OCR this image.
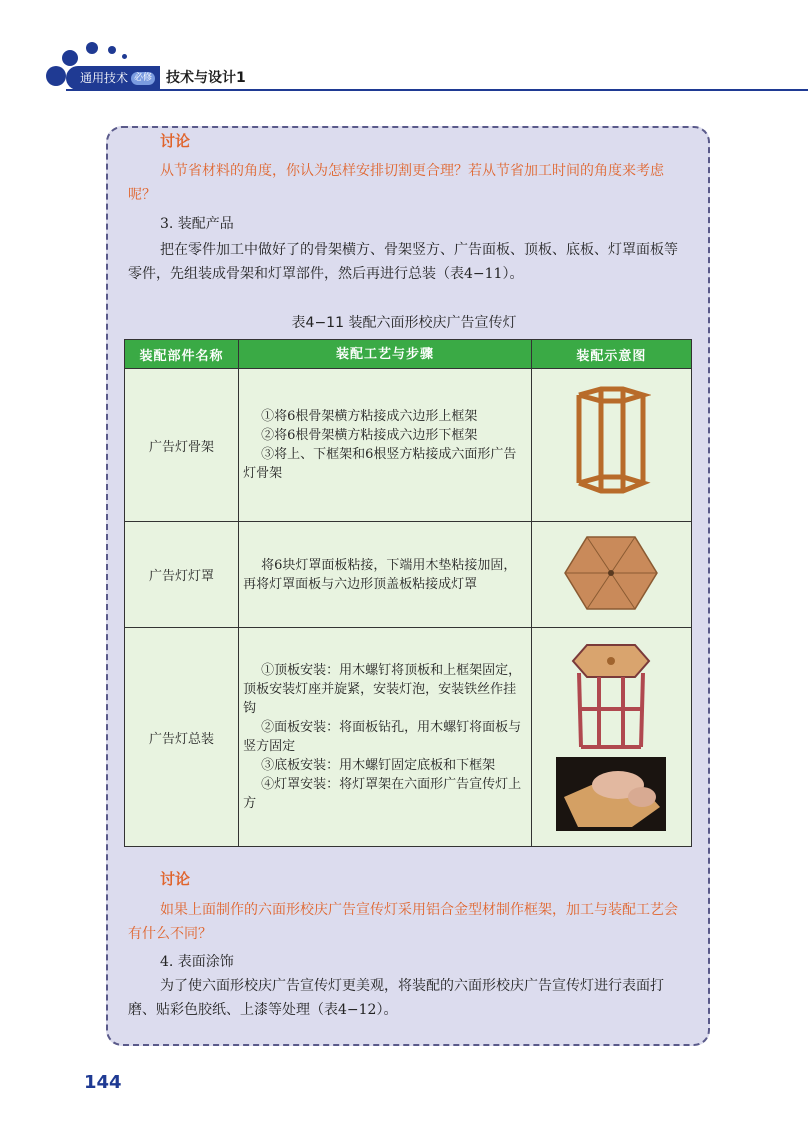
通用技术 必修 技术与设计1
讨论
从节省材料的角度，你认为怎样安排切割更合理？若从节省加工时间的角度来考虑呢？
3. 装配产品
把在零件加工中做好了的骨架横方、骨架竖方、广告面板、顶板、底板、灯罩面板等零件，先组装成骨架和灯罩部件，然后再进行总装（表4−11）。
表4−11 装配六面形校庆广告宣传灯
装配部件名称	装配工艺与步骤	装配示意图
广告灯骨架	①将6根骨架横方粘接成六边形上框架
②将6根骨架横方粘接成六边形下框架
③将上、下框架和6根竖方粘接成六面形广告灯骨架

广告灯灯罩	将6块灯罩面板粘接，下端用木垫粘接加固，再将灯罩面板与六边形顶盖板粘接成灯罩

广告灯总装	①顶板安装：用木螺钉将顶板和上框架固定，顶板安装灯座并旋紧，安装灯泡，安装铁丝作挂钩
②面板安装：将面板钻孔，用木螺钉将面板与竖方固定
③底板安装：用木螺钉固定底板和下框架
④灯罩安装：将灯罩架在六面形广告宣传灯上方

讨论
如果上面制作的六面形校庆广告宣传灯采用铝合金型材制作框架，加工与装配工艺会有什么不同？
4. 表面涂饰
为了使六面形校庆广告宣传灯更美观，将装配的六面形校庆广告宣传灯进行表面打磨、贴彩色胶纸、上漆等处理（表4−12）。
144
